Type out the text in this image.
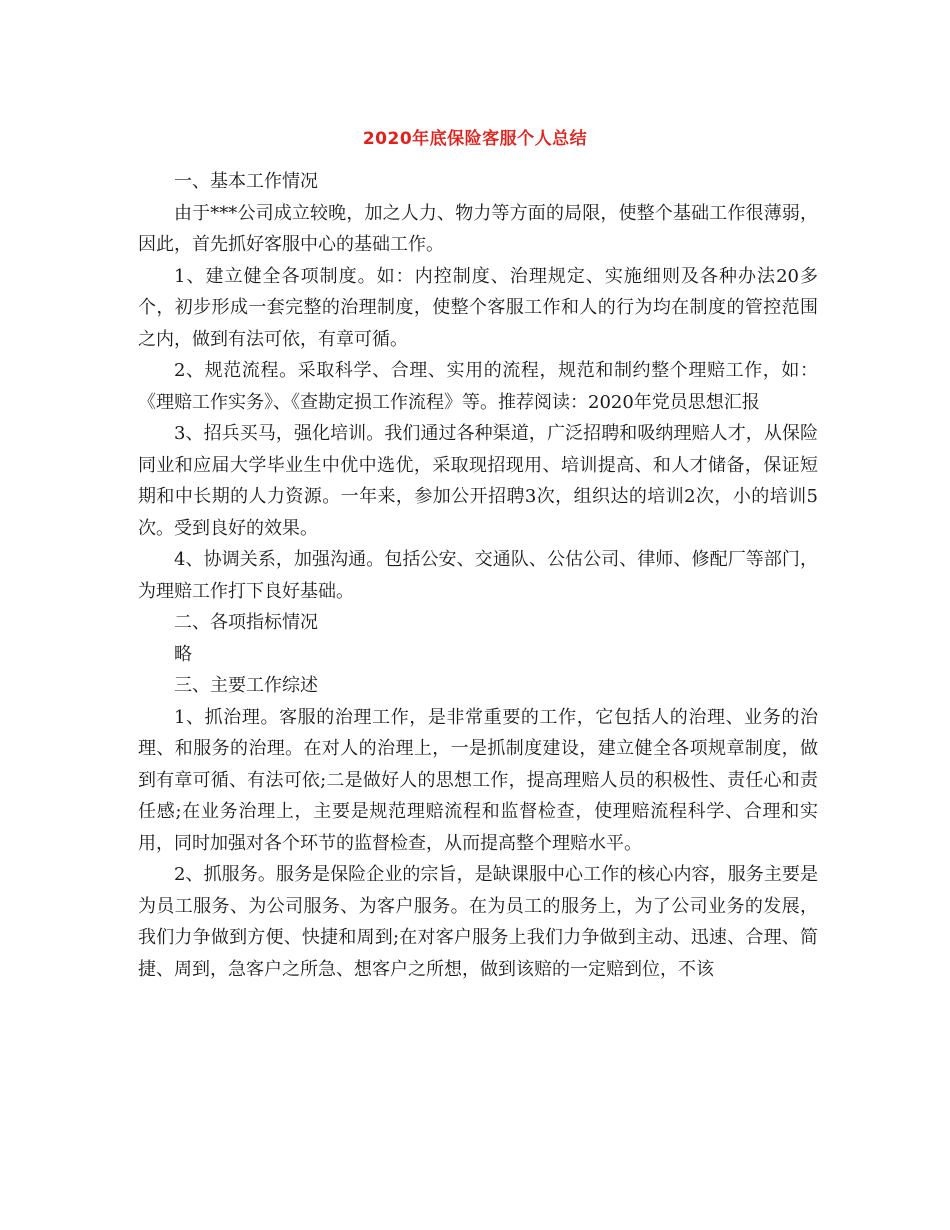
2020年底保险客服个人总结

一、基本工作情况

由于***公司成立较晚，加之人力、物力等方面的局限，使整个基础工作很薄弱，因此，首先抓好客服中心的基础工作。

1、建立健全各项制度。如：内控制度、治理规定、实施细则及各种办法20多个，初步形成一套完整的治理制度，使整个客服工作和人的行为均在制度的管控范围之内，做到有法可依，有章可循。

2、规范流程。采取科学、合理、实用的流程，规范和制约整个理赔工作，如：《理赔工作实务》、《查勘定损工作流程》等。推荐阅读：2020年党员思想汇报

3、招兵买马，强化培训。我们通过各种渠道，广泛招聘和吸纳理赔人才，从保险同业和应届大学毕业生中优中选优，采取现招现用、培训提高、和人才储备，保证短期和中长期的人力资源。一年来，参加公开招聘3次，组织达的培训2次，小的培训5次。受到良好的效果。

4、协调关系，加强沟通。包括公安、交通队、公估公司、律师、修配厂等部门，为理赔工作打下良好基础。

二、各项指标情况

略

三、主要工作综述

1、抓治理。客服的治理工作，是非常重要的工作，它包括人的治理、业务的治理、和服务的治理。在对人的治理上，一是抓制度建设，建立健全各项规章制度，做到有章可循、有法可依;二是做好人的思想工作，提高理赔人员的积极性、责任心和责任感;在业务治理上，主要是规范理赔流程和监督检查，使理赔流程科学、合理和实用，同时加强对各个环节的监督检查，从而提高整个理赔水平。

2、抓服务。服务是保险企业的宗旨，是缺课服中心工作的核心内容，服务主要是为员工服务、为公司服务、为客户服务。在为员工的服务上，为了公司业务的发展，我们力争做到方便、快捷和周到;在对客户服务上我们力争做到主动、迅速、合理、简捷、周到，急客户之所急、想客户之所想，做到该赔的一定赔到位，不该
